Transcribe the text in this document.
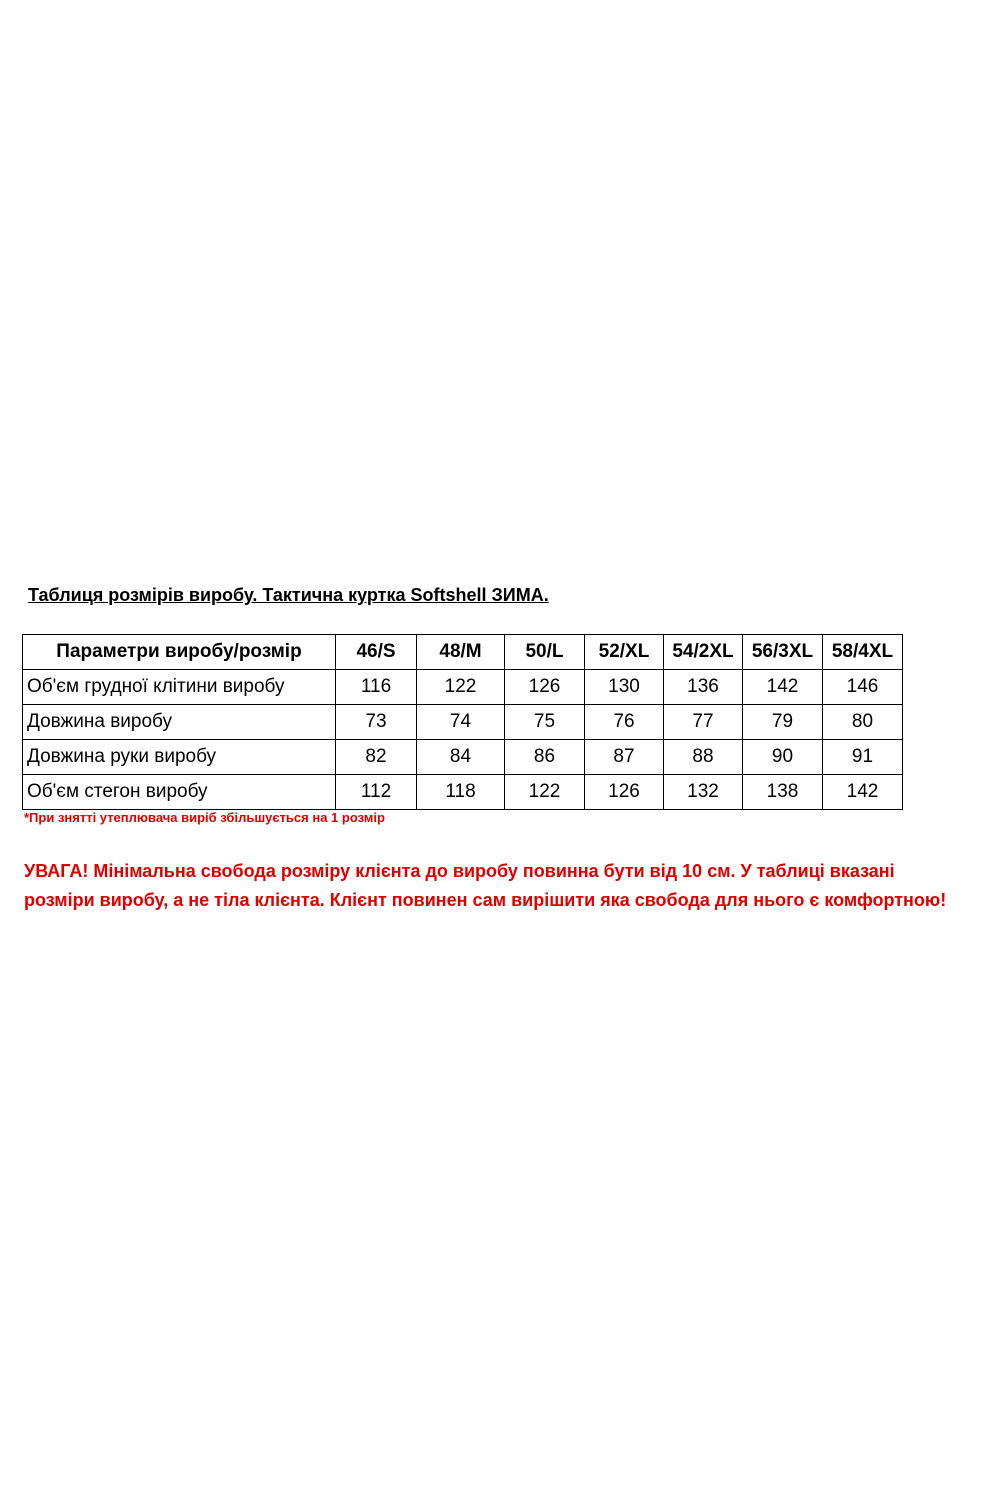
Таблиця розмірів виробу. Тактична куртка Softshell ЗИМА.
Параметри виробу/розмір	46/S	48/M	50/L	52/XL	54/2XL	56/3XL	58/4XL
Об'єм грудної клітини виробу	116	122	126	130	136	142	146
Довжина виробу	73	74	75	76	77	79	80
Довжина руки виробу	82	84	86	87	88	90	91
Об'єм стегон виробу	112	118	122	126	132	138	142
*При знятті утеплювача виріб збільшується на 1 розмір
УВАГА! Мінімальна свобода розміру клієнта до виробу повинна бути від 10 см. У таблиці вказані
розміри виробу, а не тіла клієнта. Клієнт повинен сам вирішити яка свобода для нього є комфортною!
